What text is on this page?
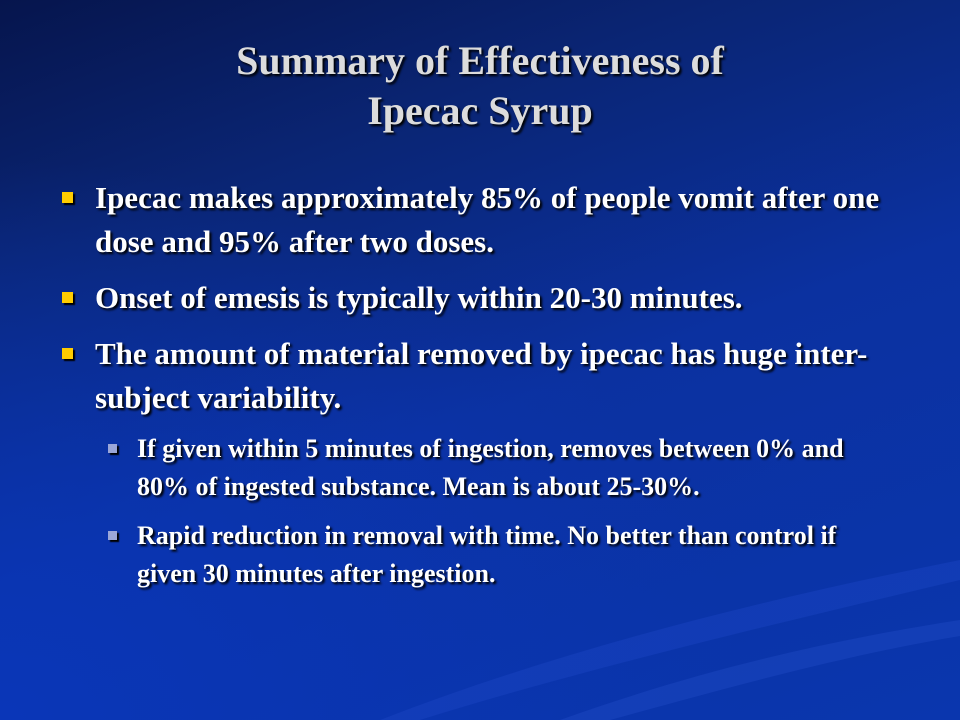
Summary of Effectiveness of
Ipecac Syrup
Ipecac makes approximately 85% of people vomit after one dose and 95% after two doses.
Onset of emesis is typically within 20-30 minutes.
The amount of material removed by ipecac has huge inter-subject variability.
If given within 5 minutes of ingestion, removes between 0% and 80% of ingested substance. Mean is about 25-30%.
Rapid reduction in removal with time. No better than control if given 30 minutes after ingestion.
